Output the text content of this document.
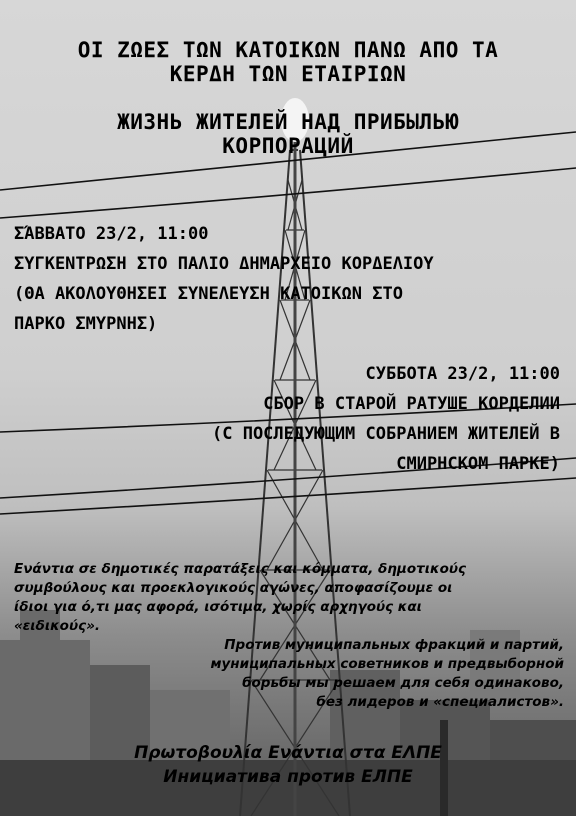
ΟΙ ΖΩΕΣ ΤΩΝ ΚΑΤΟΙΚΩΝ ΠΑΝΩ ΑΠΟ ΤΑ

ΚΕΡΔΗ ΤΩΝ ΕΤΑΙΡΙΩΝ

ЖИЗНЬ ЖИТЕЛЕЙ НАД ПРИБЫЛЬЮ

КОРПОРАЦИЙ

ΣΆΒΒΑΤΟ 23/2, 11:00

ΣΥΓΚΕΝΤΡΩΣΗ ΣΤΟ ΠΑΛΙΟ ΔΗΜΑΡΧΕΙΟ ΚΟΡΔΕΛΙΟΥ

(ΘΑ ΑΚΟΛΟΥΘΗΣΕΙ ΣΥΝΕΛΕΥΣΗ ΚΑΤΟΙΚΩΝ ΣΤΟ

ΠΑΡΚΟ ΣΜΥΡΝΗΣ)

СУББОТА 23/2, 11:00

СБОР В СТАРОЙ РАТУШЕ КОРДЕЛИИ

(С ПОСЛЕДУЮЩИМ СОБРАНИЕМ ЖИТЕЛЕЙ В

СМИРНСКОМ ПАРКЕ)

Ενάντια σε δημοτικές παρατάξεις και κόμματα, δημοτικούς

συμβούλους και προεκλογικούς αγώνες, αποφασίζουμε οι

ίδιοι για ό,τι μας αφορά, ισότιμα, χωρίς αρχηγούς και

«ειδικούς».

Против муниципальных фракций и партий,

муниципальных советников и предвыборной

борьбы мы решаем для себя одинаково,

без лидеров и «специалистов».

Πρωτοβουλία Ενάντια στα ΕΛΠΕ

Инициатива против ЕЛПЕ
